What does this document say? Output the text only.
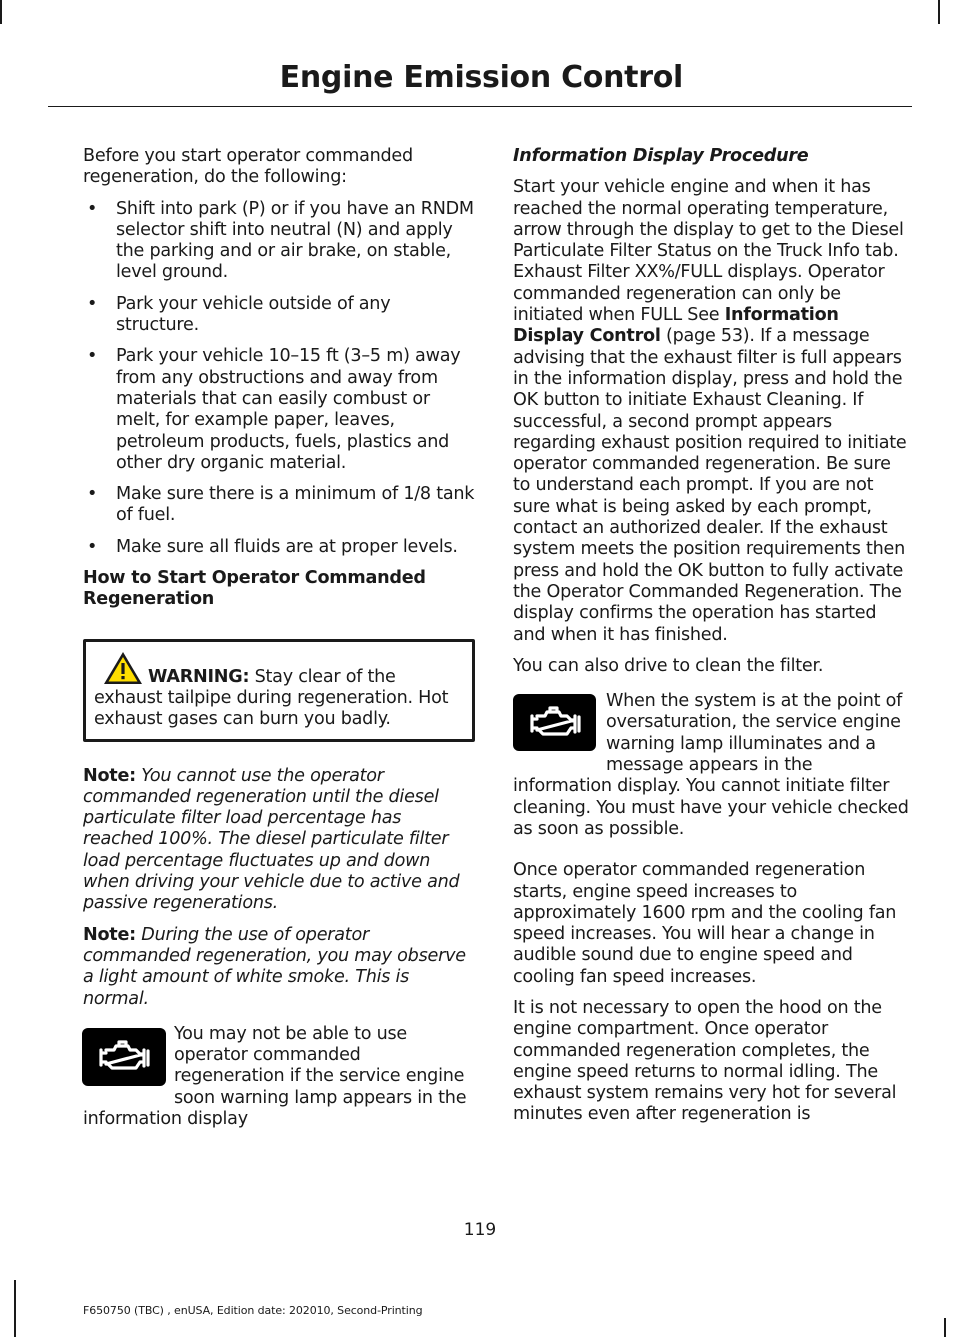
Engine Emission Control

Before you start operator commanded regeneration, do the following:

• Shift into park (P) or if you have an RNDM selector shift into neutral (N) and apply the parking and or air brake, on stable, level ground.
• Park your vehicle outside of any structure.
• Park your vehicle 10–15 ft (3–5 m) away from any obstructions and away from materials that can easily combust or melt, for example paper, leaves, petroleum products, fuels, plastics and other dry organic material.
• Make sure there is a minimum of 1/8 tank of fuel.
• Make sure all fluids are at proper levels.
How to Start Operator Commanded Regeneration
WARNING: Stay clear of the exhaust tailpipe during regeneration. Hot exhaust gases can burn you badly.

Note: You cannot use the operator commanded regeneration until the diesel particulate filter load percentage has reached 100%. The diesel particulate filter load percentage fluctuates up and down when driving your vehicle due to active and passive regenerations.

Note: During the use of operator commanded regeneration, you may observe a light amount of white smoke. This is normal.

You may not be able to use operator commanded regeneration if the service engine soon warning lamp appears in the information display

Information Display Procedure

Start your vehicle engine and when it has reached the normal operating temperature, arrow through the display to get to the Diesel Particulate Filter Status on the Truck Info tab. Exhaust Filter XX%/FULL displays. Operator commanded regeneration can only be initiated when FULL See Information Display Control (page 53). If a message advising that the exhaust filter is full appears in the information display, press and hold the OK button to initiate Exhaust Cleaning. If successful, a second prompt appears regarding exhaust position required to initiate operator commanded regeneration. Be sure to understand each prompt. If you are not sure what is being asked by each prompt, contact an authorized dealer. If the exhaust system meets the position requirements then press and hold the OK button to fully activate the Operator Commanded Regeneration. The display confirms the operation has started and when it has finished.

You can also drive to clean the filter.

When the system is at the point of oversaturation, the service engine warning lamp illuminates and a message appears in the information display. You cannot initiate filter cleaning. You must have your vehicle checked as soon as possible.

Once operator commanded regeneration starts, engine speed increases to approximately 1600 rpm and the cooling fan speed increases. You will hear a change in audible sound due to engine speed and cooling fan speed increases.

It is not necessary to open the hood on the engine compartment. Once operator commanded regeneration completes, the engine speed returns to normal idling. The exhaust system remains very hot for several minutes even after regeneration is

119
F650750 (TBC) , enUSA, Edition date: 202010, Second-Printing
